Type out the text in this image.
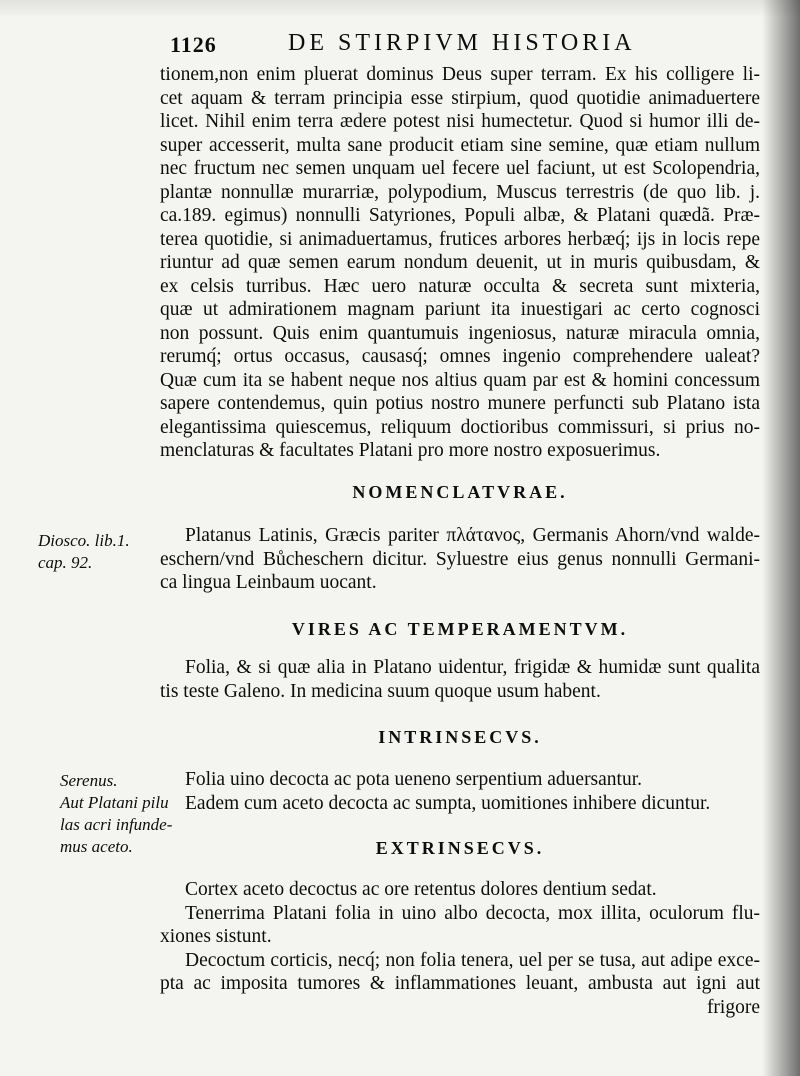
1126	DE STIRPIVM HISTORIA
tionem,non enim pluerat dominus Deus super terram. Ex his colligere li-
cet aquam & terram principia esse stirpium, quod quotidie animaduertere
licet. Nihil enim terra ædere potest nisi humectetur. Quod si humor illi de-
super accesserit, multa sane producit etiam sine semine, quæ etiam nullum
nec fructum nec semen unquam uel fecere uel faciunt, ut est Scolopendria,
plantæ nonnullæ murarriæ, polypodium, Muscus terrestris (de quo lib. j.
ca.189. egimus) nonnulli Satyriones, Populi albæ, & Platani quædã. Præ-
terea quotidie, si animaduertamus, frutices arbores herbæq́; ijs in locis repe
riuntur ad quæ semen earum nondum deuenit, ut in muris quibusdam, &
ex celsis turribus. Hæc uero naturæ occulta & secreta sunt mixteria,
quæ ut admirationem magnam pariunt ita inuestigari ac certo cognosci
non possunt. Quis enim quantumuis ingeniosus, naturæ miracula omnia,
rerumq́; ortus occasus, causasq́; omnes ingenio comprehendere ualeat?
Quæ cum ita se habent neque nos altius quam par est & homini concessum
sapere contendemus, quin potius nostro munere perfuncti sub Platano ista
elegantissima quiescemus, reliquum doctioribus commissuri, si prius no-
menclaturas & facultates Platani pro more nostro exposuerimus.
NOMENCLATVRAE.
Diosco. lib.1.
cap. 92.
Platanus Latinis, Græcis pariter πλάτανος, Germanis Ahorn/vnd walde-
eschern/vnd Bůcheschern dicitur. Syluestre eius genus nonnulli Germani-
ca lingua Leinbaum uocant.
VIRES AC TEMPERAMENTVM.
Folia, & si quæ alia in Platano uidentur, frigidæ & humidæ sunt qualita
tis teste Galeno. In medicina suum quoque usum habent.
INTRINSECVS.
Serenus.
Aut Platani pilu
las acri infunde-
mus aceto.
Folia uino decocta ac pota ueneno serpentium aduersantur.
Eadem cum aceto decocta ac sumpta, uomitiones inhibere dicuntur.
EXTRINSECVS.
Cortex aceto decoctus ac ore retentus dolores dentium sedat.
Tenerrima Platani folia in uino albo decocta, mox illita, oculorum flu-
xiones sistunt.
Decoctum corticis, necq́; non folia tenera, uel per se tusa, aut adipe exce-
pta ac imposita tumores & inflammationes leuant, ambusta aut igni aut
frigore
